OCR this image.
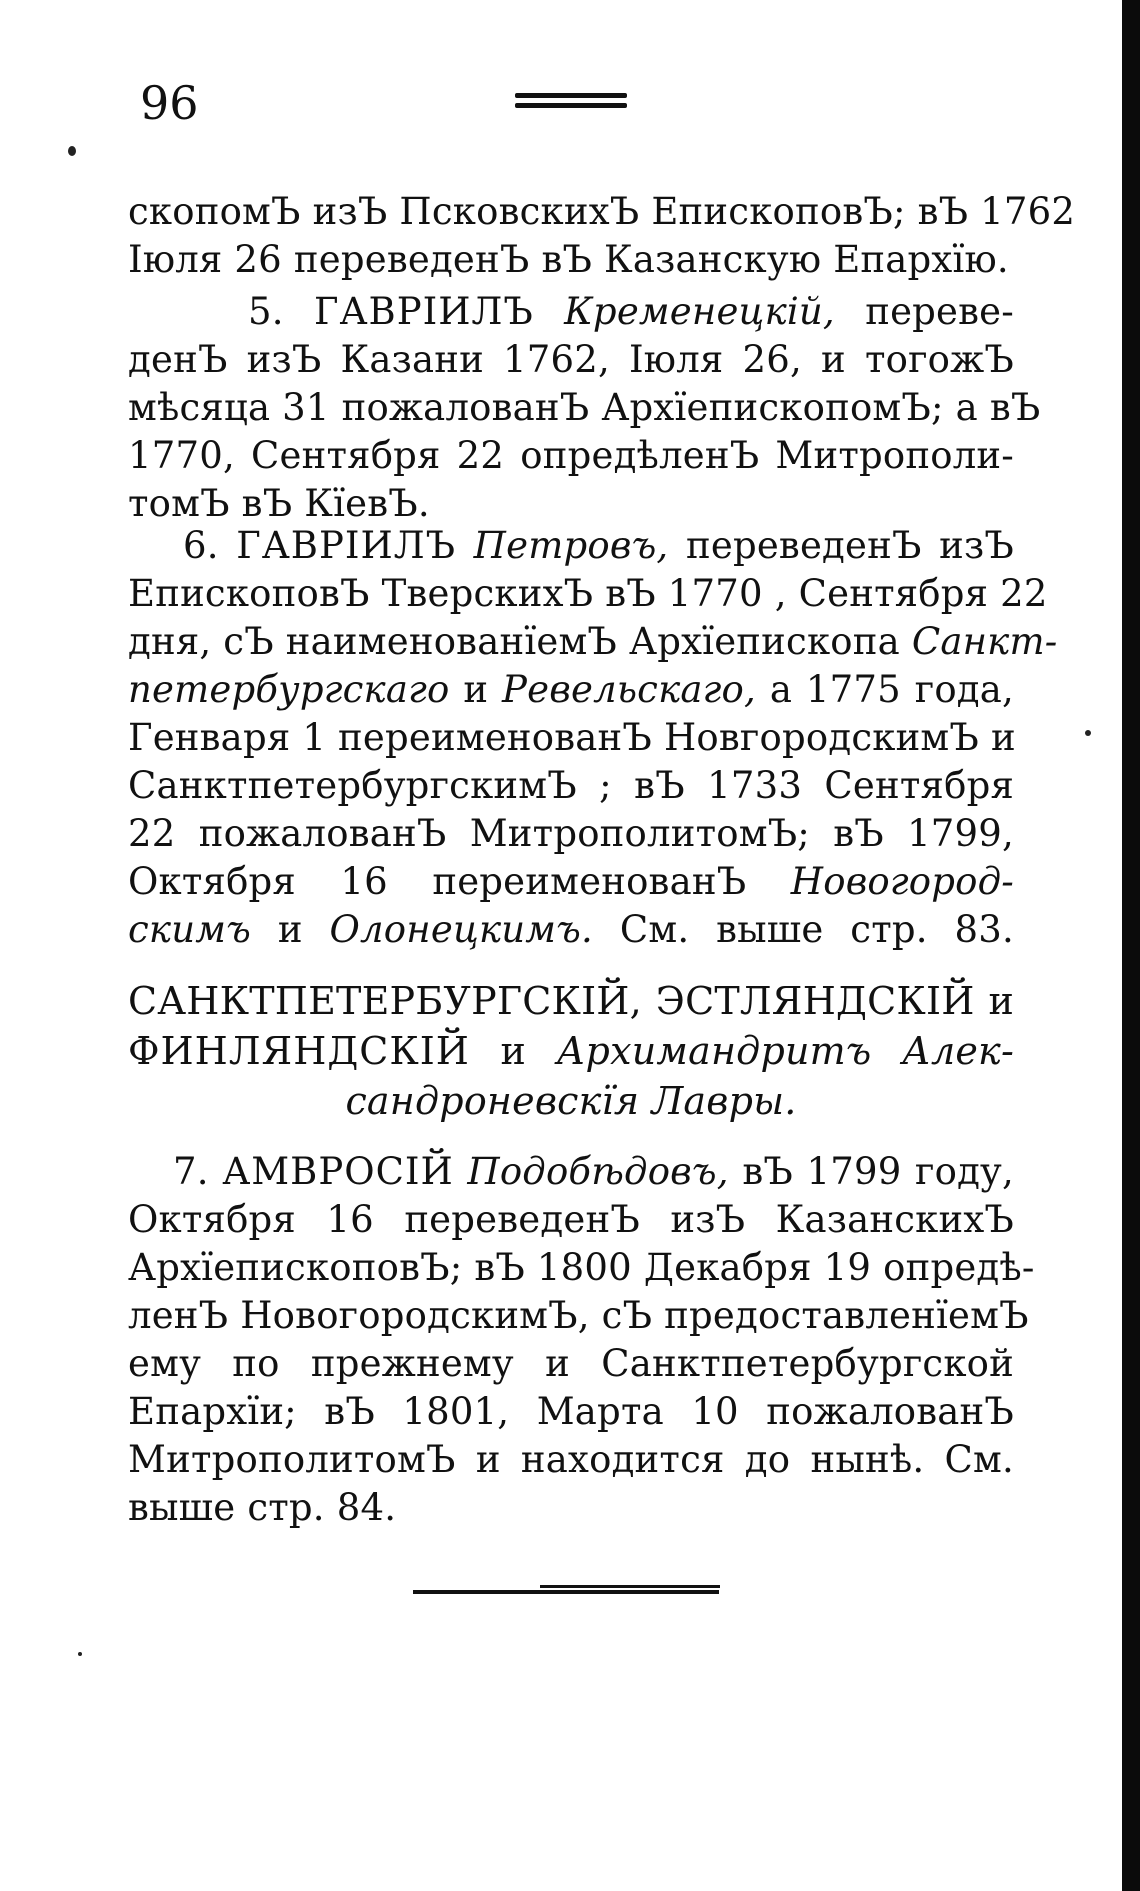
96
скопомЪ изЪ ПсковскихЪ ЕпископовЪ; вЪ 1762
Іюля 26 переведенЪ вЪ Казанскую Епархїю.
5. ГАВРІИЛЪ Кременецкій, переве-
денЪ изЪ Казани 1762, Іюля 26, и тогожЪ
мѣсяца 31 пожалованЪ АрхїепископомЪ; а вЪ
1770, Сентября 22 опредѣленЪ Митрополи-
томЪ вЪ КїевЪ.
6. ГАВРІИЛЪ Петровъ, переведенЪ изЪ
ЕпископовЪ ТверскихЪ вЪ 1770 , Сентября 22
дня, сЪ наименованїемЪ Архїепископа Санкт-
петербургскаго и Ревельскаго, а 1775 года,
Генваря 1 переименованЪ НовгородскимЪ и
СанктпетербургскимЪ ; вЪ 1733 Сентября
22 пожалованЪ МитрополитомЪ; вЪ 1799,
Октября 16 переименованЪ Новогород-
скимъ и Олонецкимъ. См. выше стр. 83.
САНКТПЕТЕРБУРГСКІЙ, ЭСТЛЯНДСКІЙ и
ФИНЛЯНДСКІЙ и Архимандритъ Алек-
сандроневскїя Лавры.
7. АМВРОСІЙ Подобѣдовъ, вЪ 1799 году,
Октября 16 переведенЪ изЪ КазанскихЪ
АрхїепископовЪ; вЪ 1800 Декабря 19 опредѣ-
ленЪ НовогородскимЪ, сЪ предоставленїемЪ
ему по прежнему и Санктпетербургской
Епархїи; вЪ 1801, Марта 10 пожалованЪ
МитрополитомЪ и находится до нынѣ. См.
выше стр. 84.
